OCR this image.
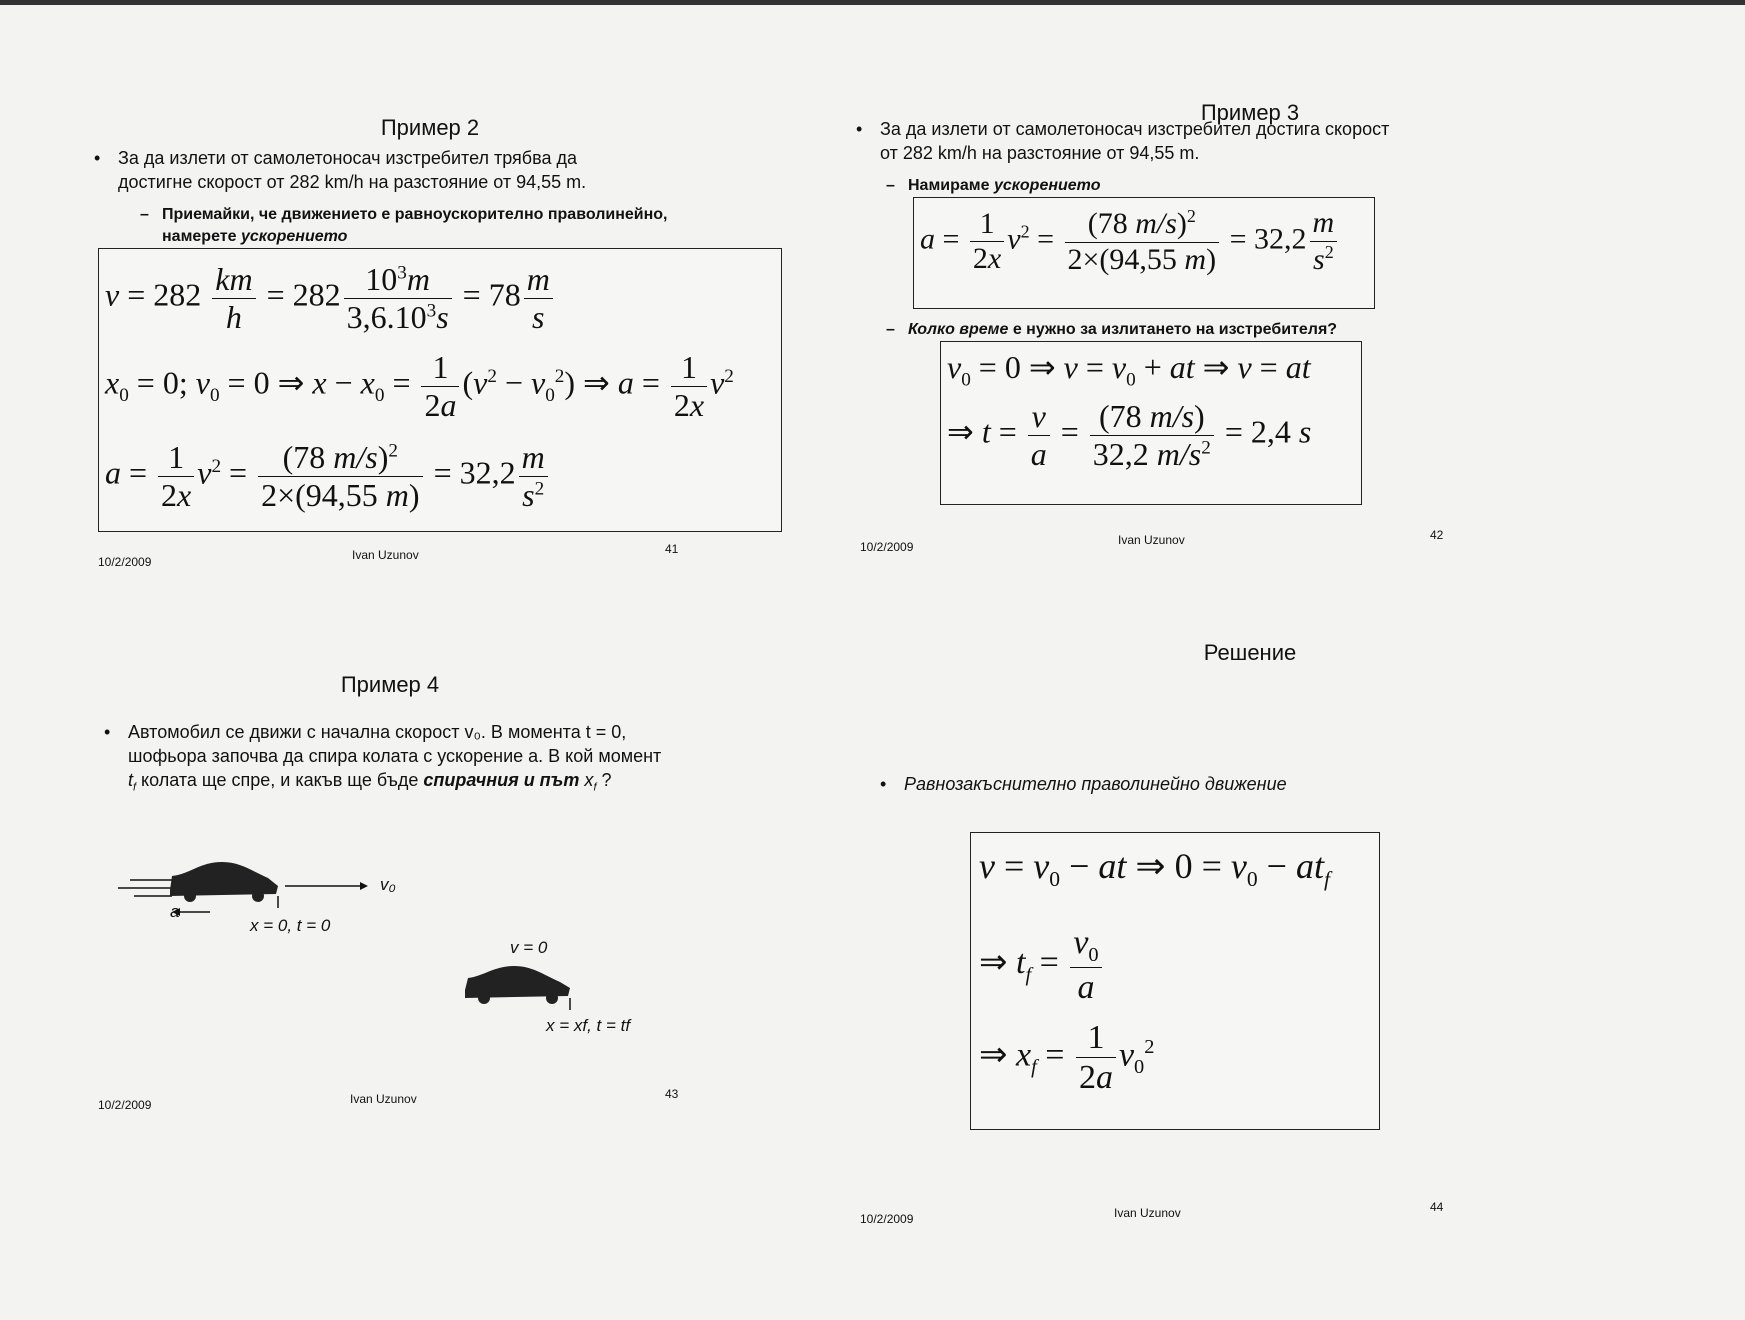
Пример 2
• За да излети от самолетоносач изстребител трябва да
достигне скорост от 282 km/h на разстояние от 94,55 m.
– Приемайки, че движението е равноускорително праволинейно,
намерете ускорението
$v = 282 \frac{km}{h} = 282 \frac{10^3m}{3,6.10^3s} = 78 \frac{m}{s}$
$x_0 = 0$; $v_0 = 0$ ⇒ $x - x_0 = \frac{1}{2a} (v^2 - v_0^2)$ ⇒ $a = \frac{1}{2x} v^2$
$a = \frac{1}{2x} v^2 = \frac{(78 m/s)^2}{2\times(94,55 m)} = 32,2 \frac{m}{s^2}$
10/2/2009	Ivan Uzunov	41
Пример 3
• За да излети от самолетоносач изстребител достига скорост
от 282 km/h на разстояние от 94,55 m.
– Намираме ускорението
$a = \frac{1}{2x} v^2 = \frac{(78 m/s)^2}{2\times(94,55 m)} = 32,2 \frac{m}{s^2}$
– Колко време е нужно за излитането на изстребителя?
$v_0 = 0$ ⇒ $v = v_0$ + at ⇒ v = at
⇒ $t = \frac{v}{a} = \frac{(78 m/s)}{32,2 m/s^2} = 2,4$ s
10/2/2009	Ivan Uzunov	42
Пример 4
• Автомобил се движи с начална скорост v₀. В момента t = 0,
шофьора започва да спира колата с ускорение a. В кой момент
$t_f$ колата ще спре, и какъв ще бъде спирачния и път $x_f$ ?
v₀
a
x = 0, t = 0
v = 0
x = xf, t = tf
10/2/2009	Ivan Uzunov	43
Решение
• Равнозакъснително праволинейно движение
$v = v_0$ − at ⇒ $0 = v_0 - at_f$
⇒ $t_f = \frac{v_0}{a}$
⇒ $x_f = \frac{1}{2a} v_0^2$
10/2/2009	Ivan Uzunov	44
